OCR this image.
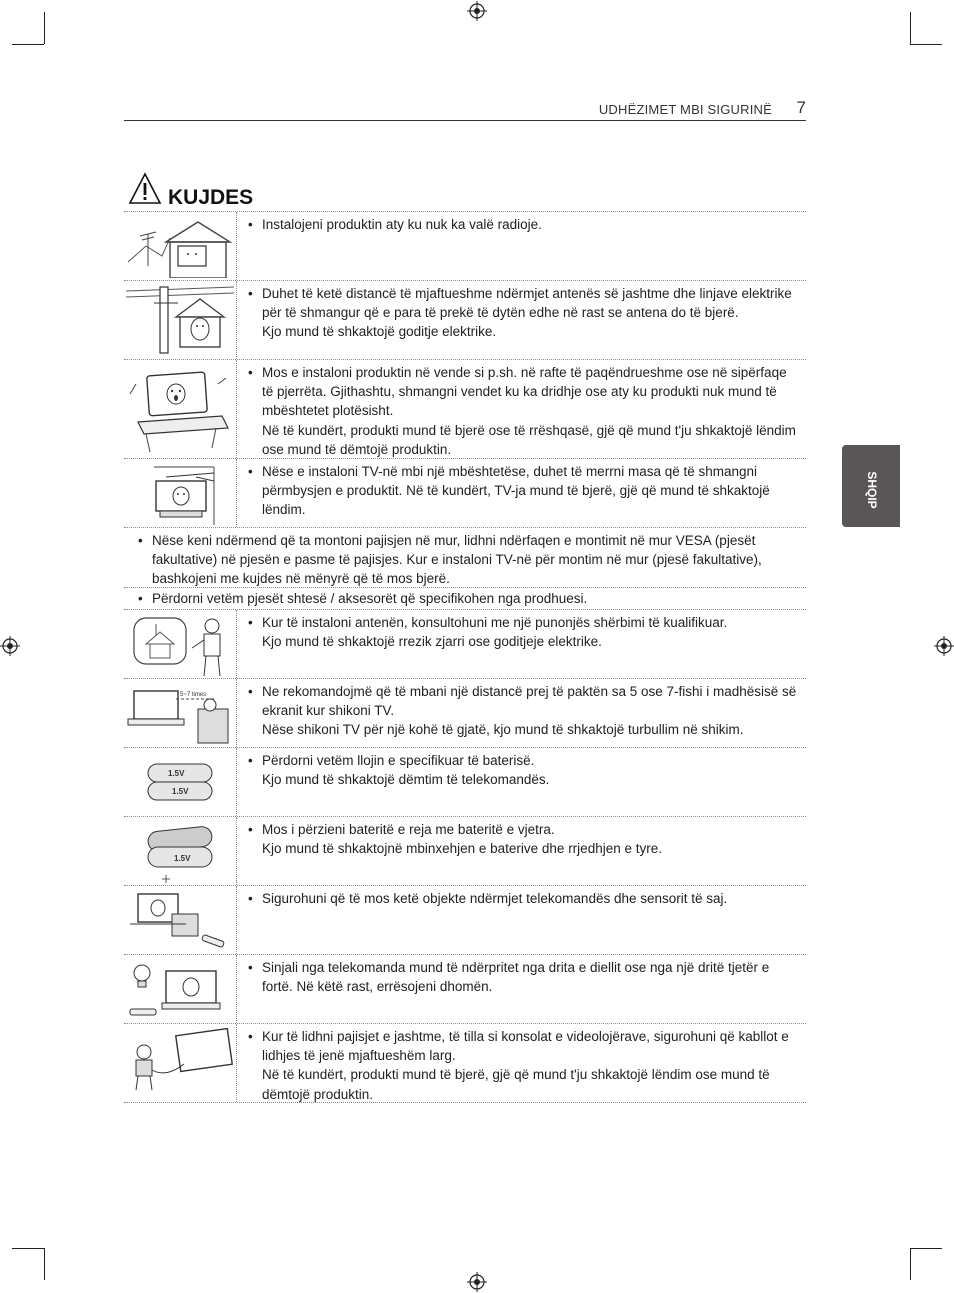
UDHËZIMET MBI SIGURINË 7
KUJDES
SHQIP
• Instalojeni produktin aty ku nuk ka valë radioje.

• Duhet të ketë distancë të mjaftueshme ndërmjet antenës së jashtme dhe linjave elektrike për të shmangur që e para të prekë të dytën edhe në rast se antena do të bjerë.

Kjo mund të shkaktojë goditje elektrike.

• Mos e instaloni produktin në vende si p.sh. në rafte të paqëndrueshme ose në sipërfaqe të pjerrëta. Gjithashtu, shmangni vendet ku ka dridhje ose aty ku produkti nuk mund të mbështetet plotësisht.

Në të kundërt, produkti mund të bjerë ose të rrëshqasë, gjë që mund t'ju shkaktojë lëndim ose mund të dëmtojë produktin.

• Nëse e instaloni TV-në mbi një mbështetëse, duhet të merrni masa që të shmangni përmbysjen e produktit. Në të kundërt, TV-ja mund të bjerë, gjë që mund të shkaktojë lëndim.

• Nëse keni ndërmend që ta montoni pajisjen në mur, lidhni ndërfaqen e montimit në mur VESA (pjesët fakultative) në pjesën e pasme të pajisjes. Kur e instaloni TV-në për montim në mur (pjesë fakultative), bashkojeni me kujdes në mënyrë që të mos bjerë.

• Përdorni vetëm pjesët shtesë / aksesorët që specifikohen nga prodhuesi.

• Kur të instaloni antenën, konsultohuni me një punonjës shërbimi të kualifikuar.

Kjo mund të shkaktojë rrezik zjarri ose goditjeje elektrike.

5~7 times	• Ne rekomandojmë që të mbani një distancë prej të paktën sa 5 ose 7-fishi i madhësisë së ekranit kur shikoni TV.

Nëse shikoni TV për një kohë të gjatë, kjo mund të shkaktojë turbullim në shikim.

1.5V
1.5V
• Përdorni vetëm llojin e specifikuar të baterisë.

Kjo mund të shkaktojë dëmtim të telekomandës.

1.5V
• Mos i përzieni bateritë e reja me bateritë e vjetra.

Kjo mund të shkaktojnë mbinxehjen e baterive dhe rrjedhjen e tyre.

• Sigurohuni që të mos ketë objekte ndërmjet telekomandës dhe sensorit të saj.

• Sinjali nga telekomanda mund të ndërpritet nga drita e diellit ose nga një dritë tjetër e fortë. Në këtë rast, errësojeni dhomën.

• Kur të lidhni pajisjet e jashtme, të tilla si konsolat e videolojërave, sigurohuni që kabllot e lidhjes të jenë mjaftueshëm larg.

Në të kundërt, produkti mund të bjerë, gjë që mund t'ju shkaktojë lëndim ose mund të dëmtojë produktin.
